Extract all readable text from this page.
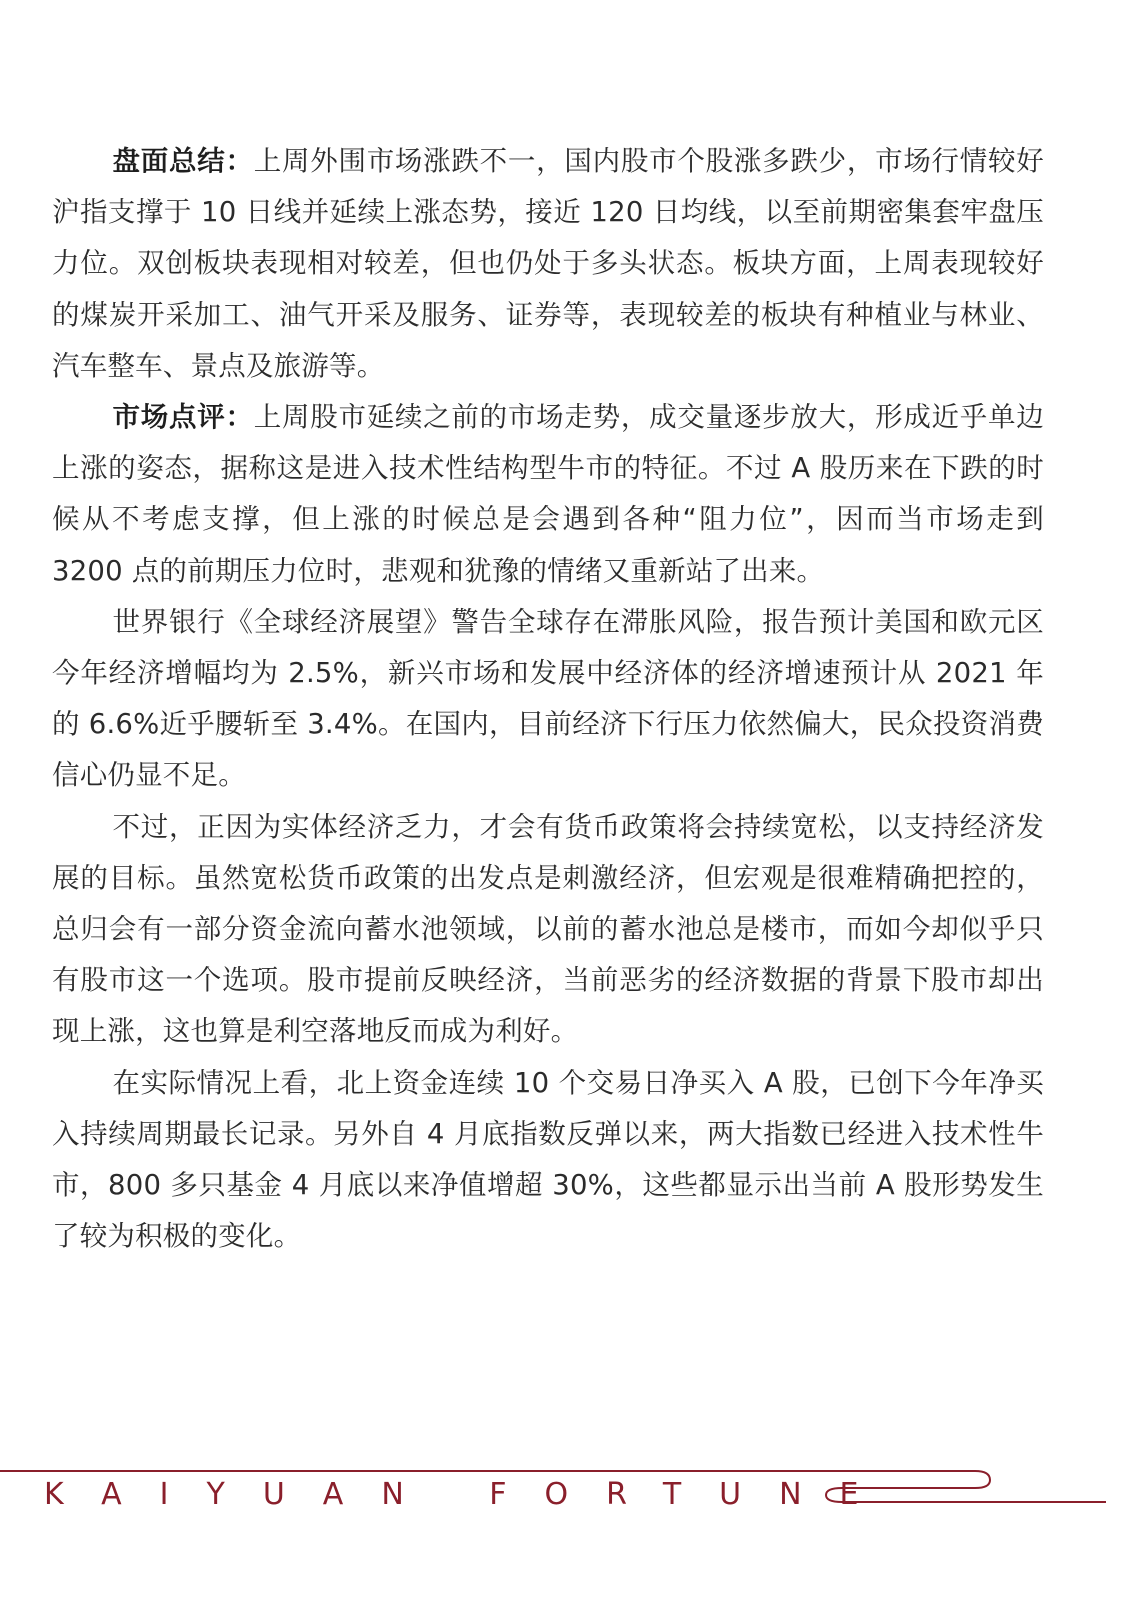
盘面总结：上周外围市场涨跌不一，国内股市个股涨多跌少，市场行情较好沪指支撑于 10 日线并延续上涨态势，接近 120 日均线，以至前期密集套牢盘压力位。双创板块表现相对较差，但也仍处于多头状态。板块方面，上周表现较好的煤炭开采加工、油气开采及服务、证券等，表现较差的板块有种植业与林业、汽车整车、景点及旅游等。

市场点评：上周股市延续之前的市场走势，成交量逐步放大，形成近乎单边上涨的姿态，据称这是进入技术性结构型牛市的特征。不过 A 股历来在下跌的时候从不考虑支撑，但上涨的时候总是会遇到各种“阻力位”，因而当市场走到 3200 点的前期压力位时，悲观和犹豫的情绪又重新站了出来。

世界银行《全球经济展望》警告全球存在滞胀风险，报告预计美国和欧元区今年经济增幅均为 2.5%，新兴市场和发展中经济体的经济增速预计从 2021 年的 6.6%近乎腰斩至 3.4%。在国内，目前经济下行压力依然偏大，民众投资消费信心仍显不足。

不过，正因为实体经济乏力，才会有货币政策将会持续宽松，以支持经济发展的目标。虽然宽松货币政策的出发点是刺激经济，但宏观是很难精确把控的，总归会有一部分资金流向蓄水池领域，以前的蓄水池总是楼市，而如今却似乎只有股市这一个选项。股市提前反映经济，当前恶劣的经济数据的背景下股市却出现上涨，这也算是利空落地反而成为利好。

在实际情况上看，北上资金连续 10 个交易日净买入 A 股，已创下今年净买入持续周期最长记录。另外自 4 月底指数反弹以来，两大指数已经进入技术性牛市，800 多只基金 4 月底以来净值增超 30%，这些都显示出当前 A 股形势发生了较为积极的变化。

KAIYUAN FORTUNE
